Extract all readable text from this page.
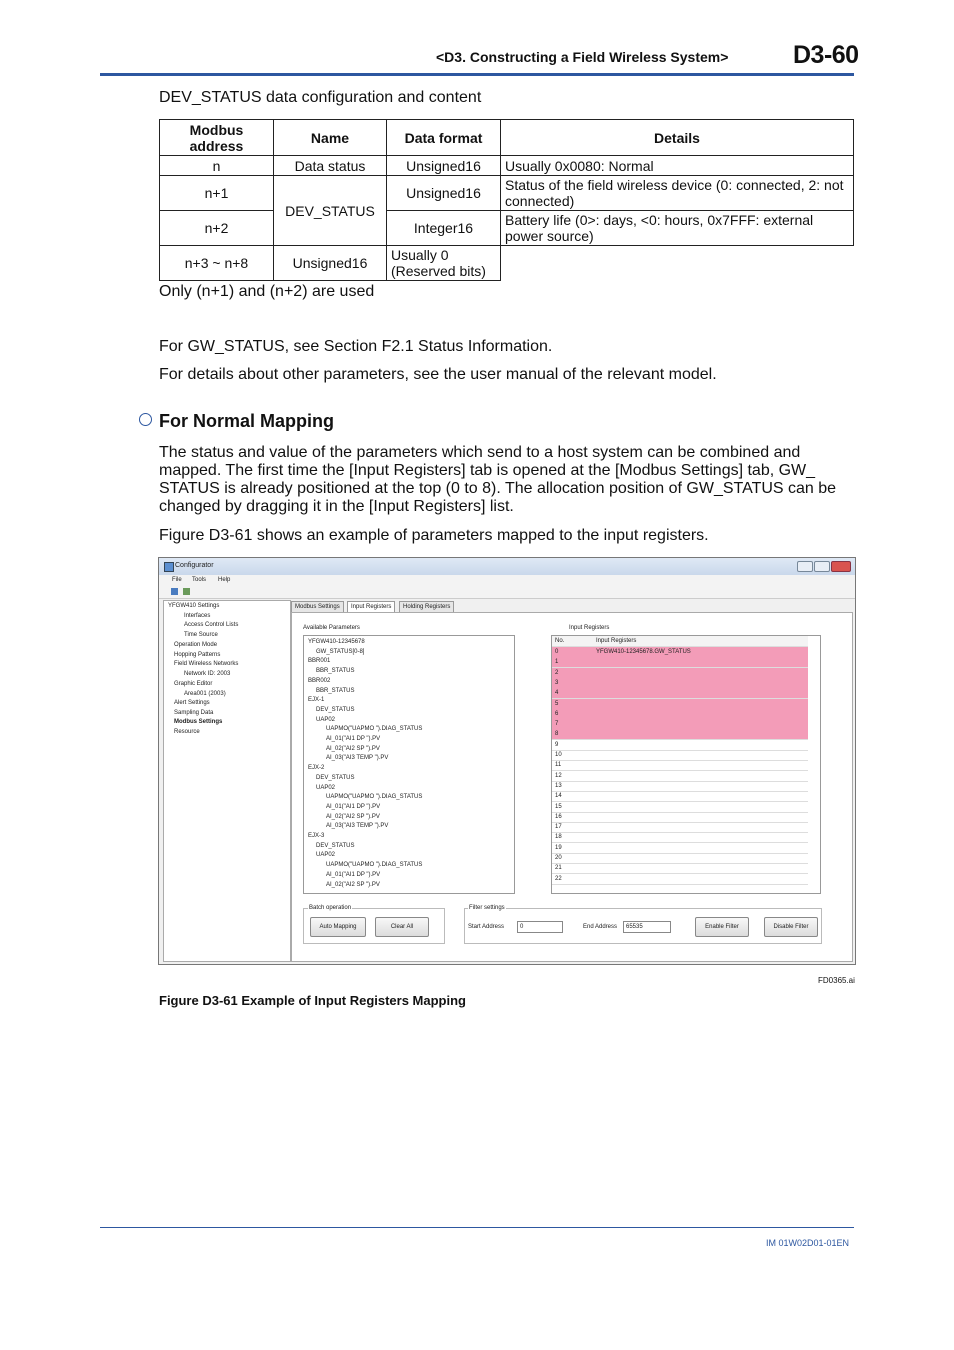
<D3. Constructing a Field Wireless System>	D3-60
DEV_STATUS data configuration and content
Modbus address	Name	Data format	Details
n	Data status	Unsigned16	Usually 0x0080: Normal
n+1	DEV_STATUS	Unsigned16	Status of the field wireless device (0: connected, 2: not connected)
n+2		Integer16	Battery life (0>: days, <0: hours, 0x7FFF: external power source)
n+3 ~ n+8	Unsigned16	Usually 0 (Reserved bits)	
Only (n+1) and (n+2) are used
For GW_STATUS, see Section F2.1 Status Information.
For details about other parameters, see the user manual of the relevant model.
For Normal Mapping
The status and value of the parameters which send to a host system can be combined and mapped. The first time the [Input Registers] tab is opened at the [Modbus Settings] tab, GW_ STATUS is already positioned at the top (0 to 8). The allocation position of GW_STATUS can be changed by dragging it in the [Input Registers] list.
Figure D3-61 shows an example of parameters mapped to the input registers.
Configurator
File Tools Help
YFGW410 Settings
Interfaces
Access Control Lists
Time Source
Operation Mode
Hopping Patterns
Field Wireless Networks
Network ID: 2003
Graphic Editor
Area001 (2003)
Alert Settings
Sampling Data
Modbus Settings
Resource
Modbus Settings	Input Registers	Holding Registers
Available Parameters
YFGW410-12345678
GW_STATUS[0-8]
BBR001
BBR_STATUS
BBR002
BBR_STATUS
EJX-1
DEV_STATUS
UAP02
UAPMO("UAPMO ").DIAG_STATUS
AI_01("AI1 DP ").PV
AI_02("AI2 SP ").PV
AI_03("AI3 TEMP ").PV
EJX-2
DEV_STATUS
UAP02
UAPMO("UAPMO ").DIAG_STATUS
AI_01("AI1 DP ").PV
AI_02("AI2 SP ").PV
AI_03("AI3 TEMP ").PV
EJX-3
DEV_STATUS
UAP02
UAPMO("UAPMO ").DIAG_STATUS
AI_01("AI1 DP ").PV
AI_02("AI2 SP ").PV
Input Registers
No.	Input Registers
0	YFGW410-12345678.GW_STATUS
1
2
3
4
5
6
7
8
9
10
11
12
13
14
15
16
17
18
19
20
21
22
Batch operation
Auto Mapping	Clear All
Filter settings
Start Address	0	End Address	65535	Enable Filter	Disable Filter
FD0365.ai
Figure D3-61 Example of Input Registers Mapping
IM 01W02D01-01EN
